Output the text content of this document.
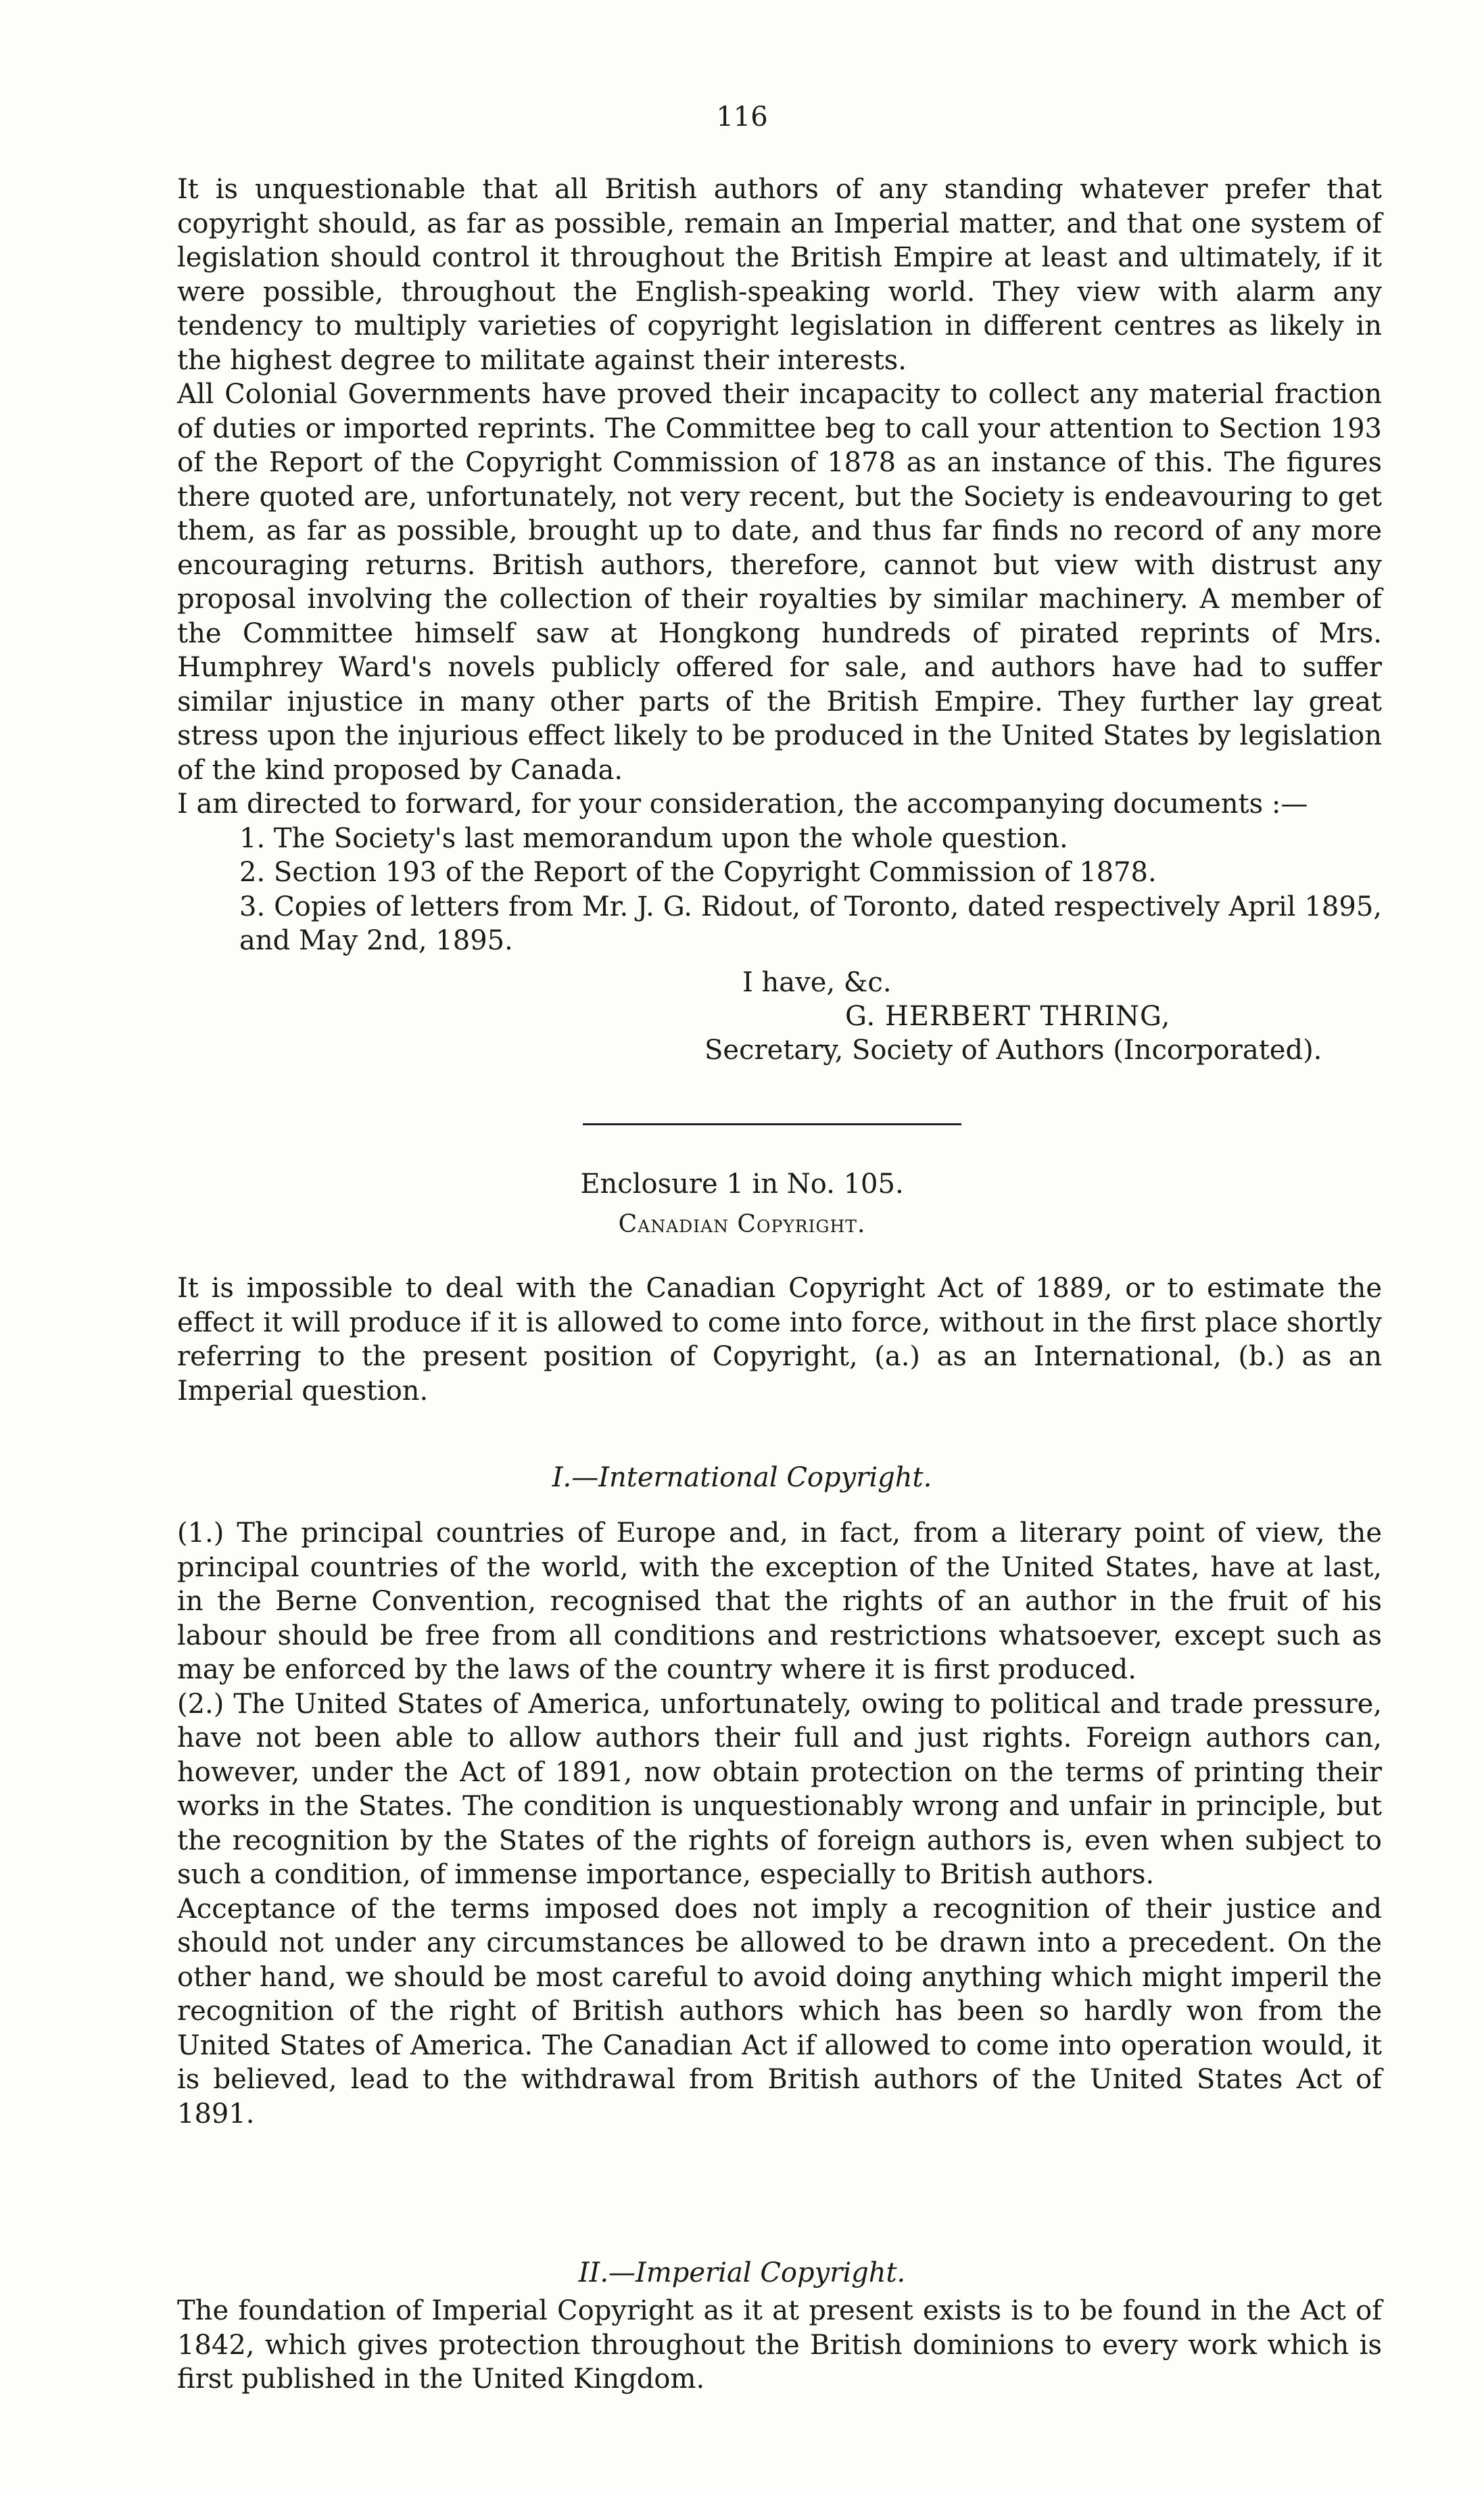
116

It is unquestionable that all British authors of any standing whatever prefer that copyright should, as far as possible, remain an Imperial matter, and that one system of legislation should control it throughout the British Empire at least and ultimately, if it were possible, throughout the English-speaking world. They view with alarm any tendency to multiply varieties of copyright legislation in different centres as likely in the highest degree to militate against their interests.

All Colonial Governments have proved their incapacity to collect any material fraction of duties or imported reprints. The Committee beg to call your attention to Section 193 of the Report of the Copyright Commission of 1878 as an instance of this. The figures there quoted are, unfortunately, not very recent, but the Society is endeavouring to get them, as far as possible, brought up to date, and thus far finds no record of any more encouraging returns. British authors, therefore, cannot but view with distrust any proposal involving the collection of their royalties by similar machinery. A member of the Committee himself saw at Hongkong hundreds of pirated reprints of Mrs. Humphrey Ward's novels publicly offered for sale, and authors have had to suffer similar injustice in many other parts of the British Empire. They further lay great stress upon the injurious effect likely to be produced in the United States by legislation of the kind proposed by Canada.

I am directed to forward, for your consideration, the accompanying documents :—

1. The Society's last memorandum upon the whole question.

2. Section 193 of the Report of the Copyright Commission of 1878.

3. Copies of letters from Mr. J. G. Ridout, of Toronto, dated respectively April 1895, and May 2nd, 1895.

I have, &c.
G. HERBERT THRING,
Secretary, Society of Authors (Incorporated).
Enclosure 1 in No. 105.
Canadian Copyright.

It is impossible to deal with the Canadian Copyright Act of 1889, or to estimate the effect it will produce if it is allowed to come into force, without in the first place shortly referring to the present position of Copyright, (a.) as an International, (b.) as an Imperial question.

I.—International Copyright.

(1.) The principal countries of Europe and, in fact, from a literary point of view, the principal countries of the world, with the exception of the United States, have at last, in the Berne Convention, recognised that the rights of an author in the fruit of his labour should be free from all conditions and restrictions whatsoever, except such as may be enforced by the laws of the country where it is first produced.

(2.) The United States of America, unfortunately, owing to political and trade pressure, have not been able to allow authors their full and just rights. Foreign authors can, however, under the Act of 1891, now obtain protection on the terms of printing their works in the States. The condition is unquestionably wrong and unfair in principle, but the recognition by the States of the rights of foreign authors is, even when subject to such a condition, of immense importance, especially to British authors.

Acceptance of the terms imposed does not imply a recognition of their justice and should not under any circumstances be allowed to be drawn into a precedent. On the other hand, we should be most careful to avoid doing anything which might imperil the recognition of the right of British authors which has been so hardly won from the United States of America. The Canadian Act if allowed to come into operation would, it is believed, lead to the withdrawal from British authors of the United States Act of 1891.

II.—Imperial Copyright.

The foundation of Imperial Copyright as it at present exists is to be found in the Act of 1842, which gives protection throughout the British dominions to every work which is first published in the United Kingdom.
